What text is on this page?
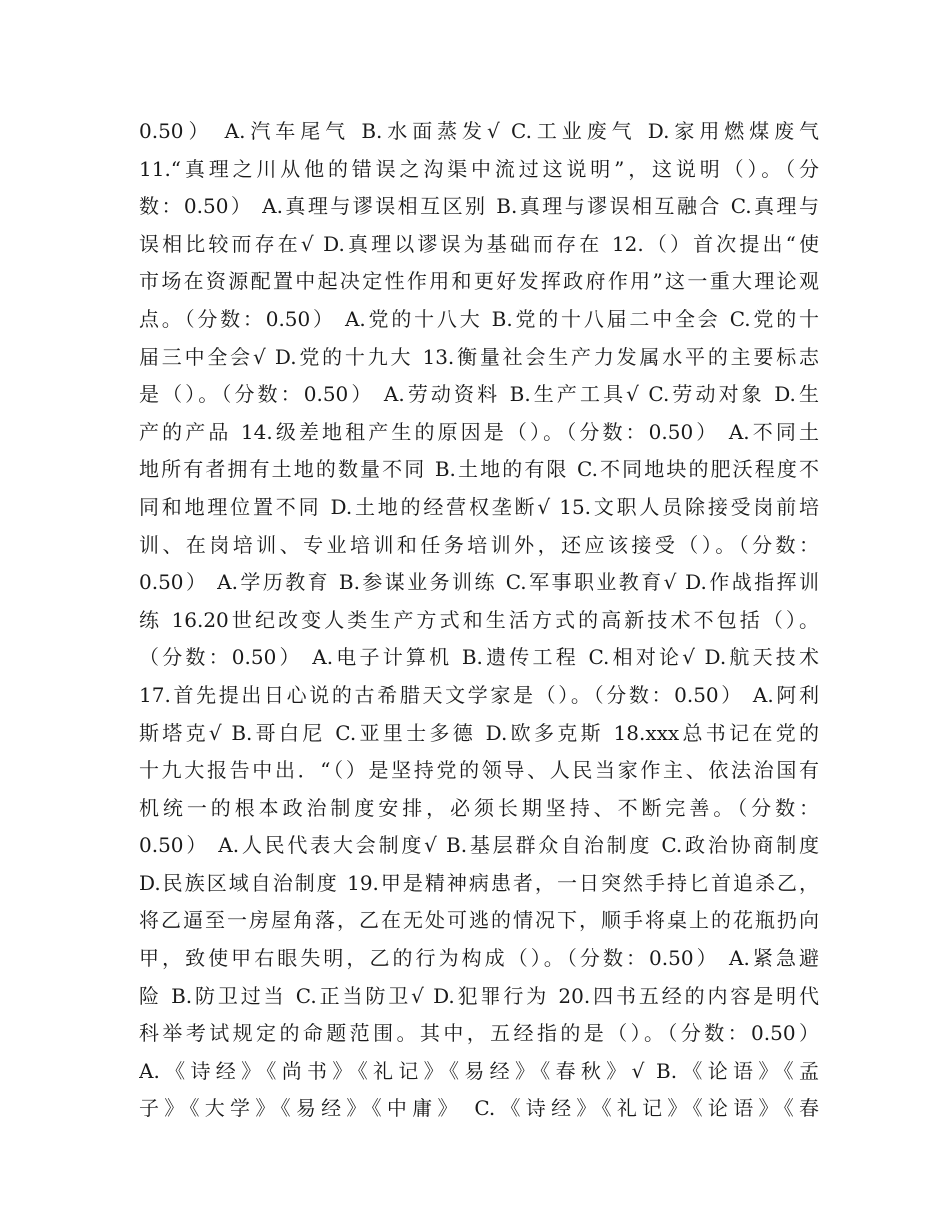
0.50） A.汽车尾气 B.水面蒸发√ C.工业废气 D.家用燃煤废气
11.“真理之川从他的错误之沟渠中流过这说明”，这说明（）。（分
数：0.50） A.真理与谬误相互区别 B.真理与谬误相互融合 C.真理与
误相比较而存在√ D.真理以谬误为基础而存在 12.（）首次提出“使
市场在资源配置中起决定性作用和更好发挥政府作用”这一重大理论观
点。（分数：0.50） A.党的十八大 B.党的十八届二中全会 C.党的十
届三中全会√ D.党的十九大 13.衡量社会生产力发属水平的主要标志
是（）。（分数：0.50） A.劳动资料 B.生产工具√ C.劳动对象 D.生
产的产品 14.级差地租产生的原因是（）。（分数：0.50） A.不同土
地所有者拥有土地的数量不同 B.土地的有限 C.不同地块的肥沃程度不
同和地理位置不同 D.土地的经营权垄断√ 15.文职人员除接受岗前培
训、在岗培训、专业培训和任务培训外，还应该接受（）。（分数：
0.50） A.学历教育 B.参谋业务训练 C.军事职业教育√ D.作战指挥训
练 16.20世纪改变人类生产方式和生活方式的高新技术不包括（）。
（分数：0.50） A.电子计算机 B.遗传工程 C.相对论√ D.航天技术
17.首先提出日心说的古希腊天文学家是（）。（分数：0.50） A.阿利
斯塔克√ B.哥白尼 C.亚里士多德 D.欧多克斯 18.xxx总书记在党的
十九大报告中出．“（）是坚持党的领导、人民当家作主、依法治国有
机统一的根本政治制度安排，必须长期坚持、不断完善。（分数：
0.50） A.人民代表大会制度√ B.基层群众自治制度 C.政治协商制度
D.民族区域自治制度 19.甲是精神病患者，一日突然手持匕首追杀乙，
将乙逼至一房屋角落，乙在无处可逃的情况下，顺手将桌上的花瓶扔向
甲，致使甲右眼失明，乙的行为构成（）。（分数：0.50） A.紧急避
险 B.防卫过当 C.正当防卫√ D.犯罪行为 20.四书五经的内容是明代
科举考试规定的命题范围。其中，五经指的是（）。（分数：0.50）
A.《诗经》《尚书》《礼记》《易经》《春秋》√ B.《论语》《孟
子》《大学》《易经》《中庸》 C.《诗经》《礼记》《论语》《春
